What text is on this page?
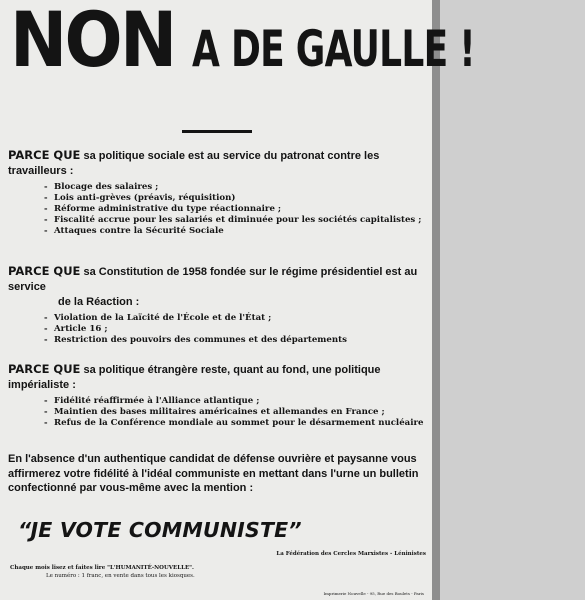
NON A DE GAULLE !
PARCE QUE sa politique sociale est au service du patronat contre les travailleurs :
- Blocage des salaires ;
- Lois anti-grèves (préavis, réquisition)
- Réforme administrative du type réactionnaire ;
- Fiscalité accrue pour les salariés et diminuée pour les sociétés capitalistes ;
- Attaques contre la Sécurité Sociale
PARCE QUE sa Constitution de 1958 fondée sur le régime présidentiel est au service
de la Réaction :
- Violation de la Laïcité de l'École et de l'État ;
- Article 16 ;
- Restriction des pouvoirs des communes et des départements
PARCE QUE sa politique étrangère reste, quant au fond, une politique impérialiste :
- Fidélité réaffirmée à l'Alliance atlantique ;
- Maintien des bases militaires américaines et allemandes en France ;
- Refus de la Conférence mondiale au sommet pour le désarmement nucléaire
En l'absence d'un authentique candidat de défense ouvrière et paysanne vous affirmerez votre fidélité à l'idéal communiste en mettant dans l'urne un bulletin confectionné par vous-même avec la mention :
“JE VOTE COMMUNISTE”
La Fédération des Cercles Marxistes - Léninistes
Chaque mois lisez et faites lire "L'HUMANITÉ-NOUVELLE".
Le numéro : 1 franc, en vente dans tous les kiosques.
Imprimerie Nouvelle - 95, Rue des Boulets - Paris
